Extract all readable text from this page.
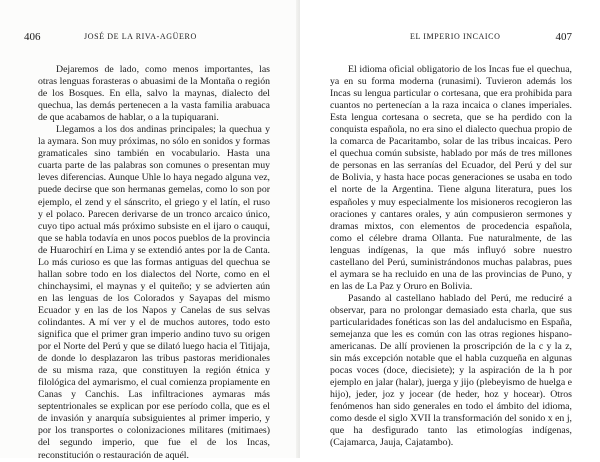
406	JOSÉ DE LA RIVA-AGÜERO

Dejaremos de lado, como menos importantes, las otras lenguas forasteras o abuasimi de la Montaña o región de los Bosques. En ella, salvo la maynas, dialecto del quechua, las demás pertenecen a la vasta familia arabuaca de que acabamos de hablar, o a la tupiquarani.

Llegamos a los dos andinas principales; la quechua y la aymara. Son muy próximas, no sólo en sonidos y formas gramaticales sino también en vocabulario. Hasta una cuarta parte de las palabras son comunes o presentan muy leves diferencias. Aunque Uhle lo haya negado alguna vez, puede decirse que son hermanas gemelas, como lo son por ejemplo, el zend y el sánscrito, el griego y el latín, el ruso y el polaco. Parecen derivarse de un tronco arcaico único, cuyo tipo actual más próximo subsiste en el ijaro o cauqui, que se habla todavía en unos pocos pueblos de la provincia de Huarochirí en Lima y se extendió antes por la de Canta. Lo más curioso es que las formas antiguas del quechua se hallan sobre todo en los dialectos del Norte, como en el chinchaysimi, el maynas y el quiteño; y se advierten aún en las lenguas de los Colorados y Sayapas del mismo Ecuador y en las de los Napos y Canelas de sus selvas colindantes. A mí ver y el de muchos autores, todo esto significa que el primer gran imperio andino tuvo su origen por el Norte del Perú y que se dilató luego hacia el Titijaja, de donde lo desplazaron las tribus pastoras meridionales de su misma raza, que constituyen la región étnica y filológica del aymarismo, el cual comienza propiamente en Canas y Canchis. Las infiltraciones aymaras más septentrionales se explican por ese período colla, que es el de invasión y anarquía subsiguientes al primer imperio, y por los transportes o colonizaciones militares (mitimaes) del segundo imperio, que fue el de los Incas, reconstitución o restauración de aquél.

EL IMPERIO INCAICO	407

El idioma oficial obligatorio de los Incas fue el quechua, ya en su forma moderna (runasimi). Tuvieron además los Incas su lengua particular o cortesana, que era prohibida para cuantos no pertenecían a la raza incaica o clanes imperiales. Esta lengua cortesana o secreta, que se ha perdido con la conquista española, no era sino el dialecto quechua propio de la comarca de Pacaritambo, solar de las tribus incaicas. Pero el quechua común subsiste, hablado por más de tres millones de personas en las serranías del Ecuador, del Perú y del sur de Bolivia, y hasta hace pocas generaciones se usaba en todo el norte de la Argentina. Tiene alguna literatura, pues los españoles y muy especialmente los misioneros recogieron las oraciones y cantares orales, y aún compusieron sermones y dramas mixtos, con elementos de procedencia española, como el célebre drama Ollanta. Fue naturalmente, de las lenguas indígenas, la que más influyó sobre nuestro castellano del Perú, suministrándonos muchas palabras, pues el aymara se ha recluido en una de las provincias de Puno, y en las de La Paz y Oruro en Bolivia.

Pasando al castellano hablado del Perú, me reduciré a observar, para no prolongar demasiado esta charla, que sus particularidades fonéticas son las del andalucismo en España, semejanza que les es común con las otras regiones hispano-americanas. De allí provienen la proscripción de la c y la z, sin más excepción notable que el habla cuzqueña en algunas pocas voces (doce, diecisiete); y la aspiración de la h por ejemplo en jalar (halar), juerga y jijo (plebeyismo de huelga e hijo), jeder, joz y jocear (de heder, hoz y hocear). Otros fenómenos han sido generales en todo el ámbito del idioma, como desde el siglo XVII la transformación del sonido x en j, que ha desfigurado tanto las etimologías indígenas, (Cajamarca, Jauja, Cajatambo).
